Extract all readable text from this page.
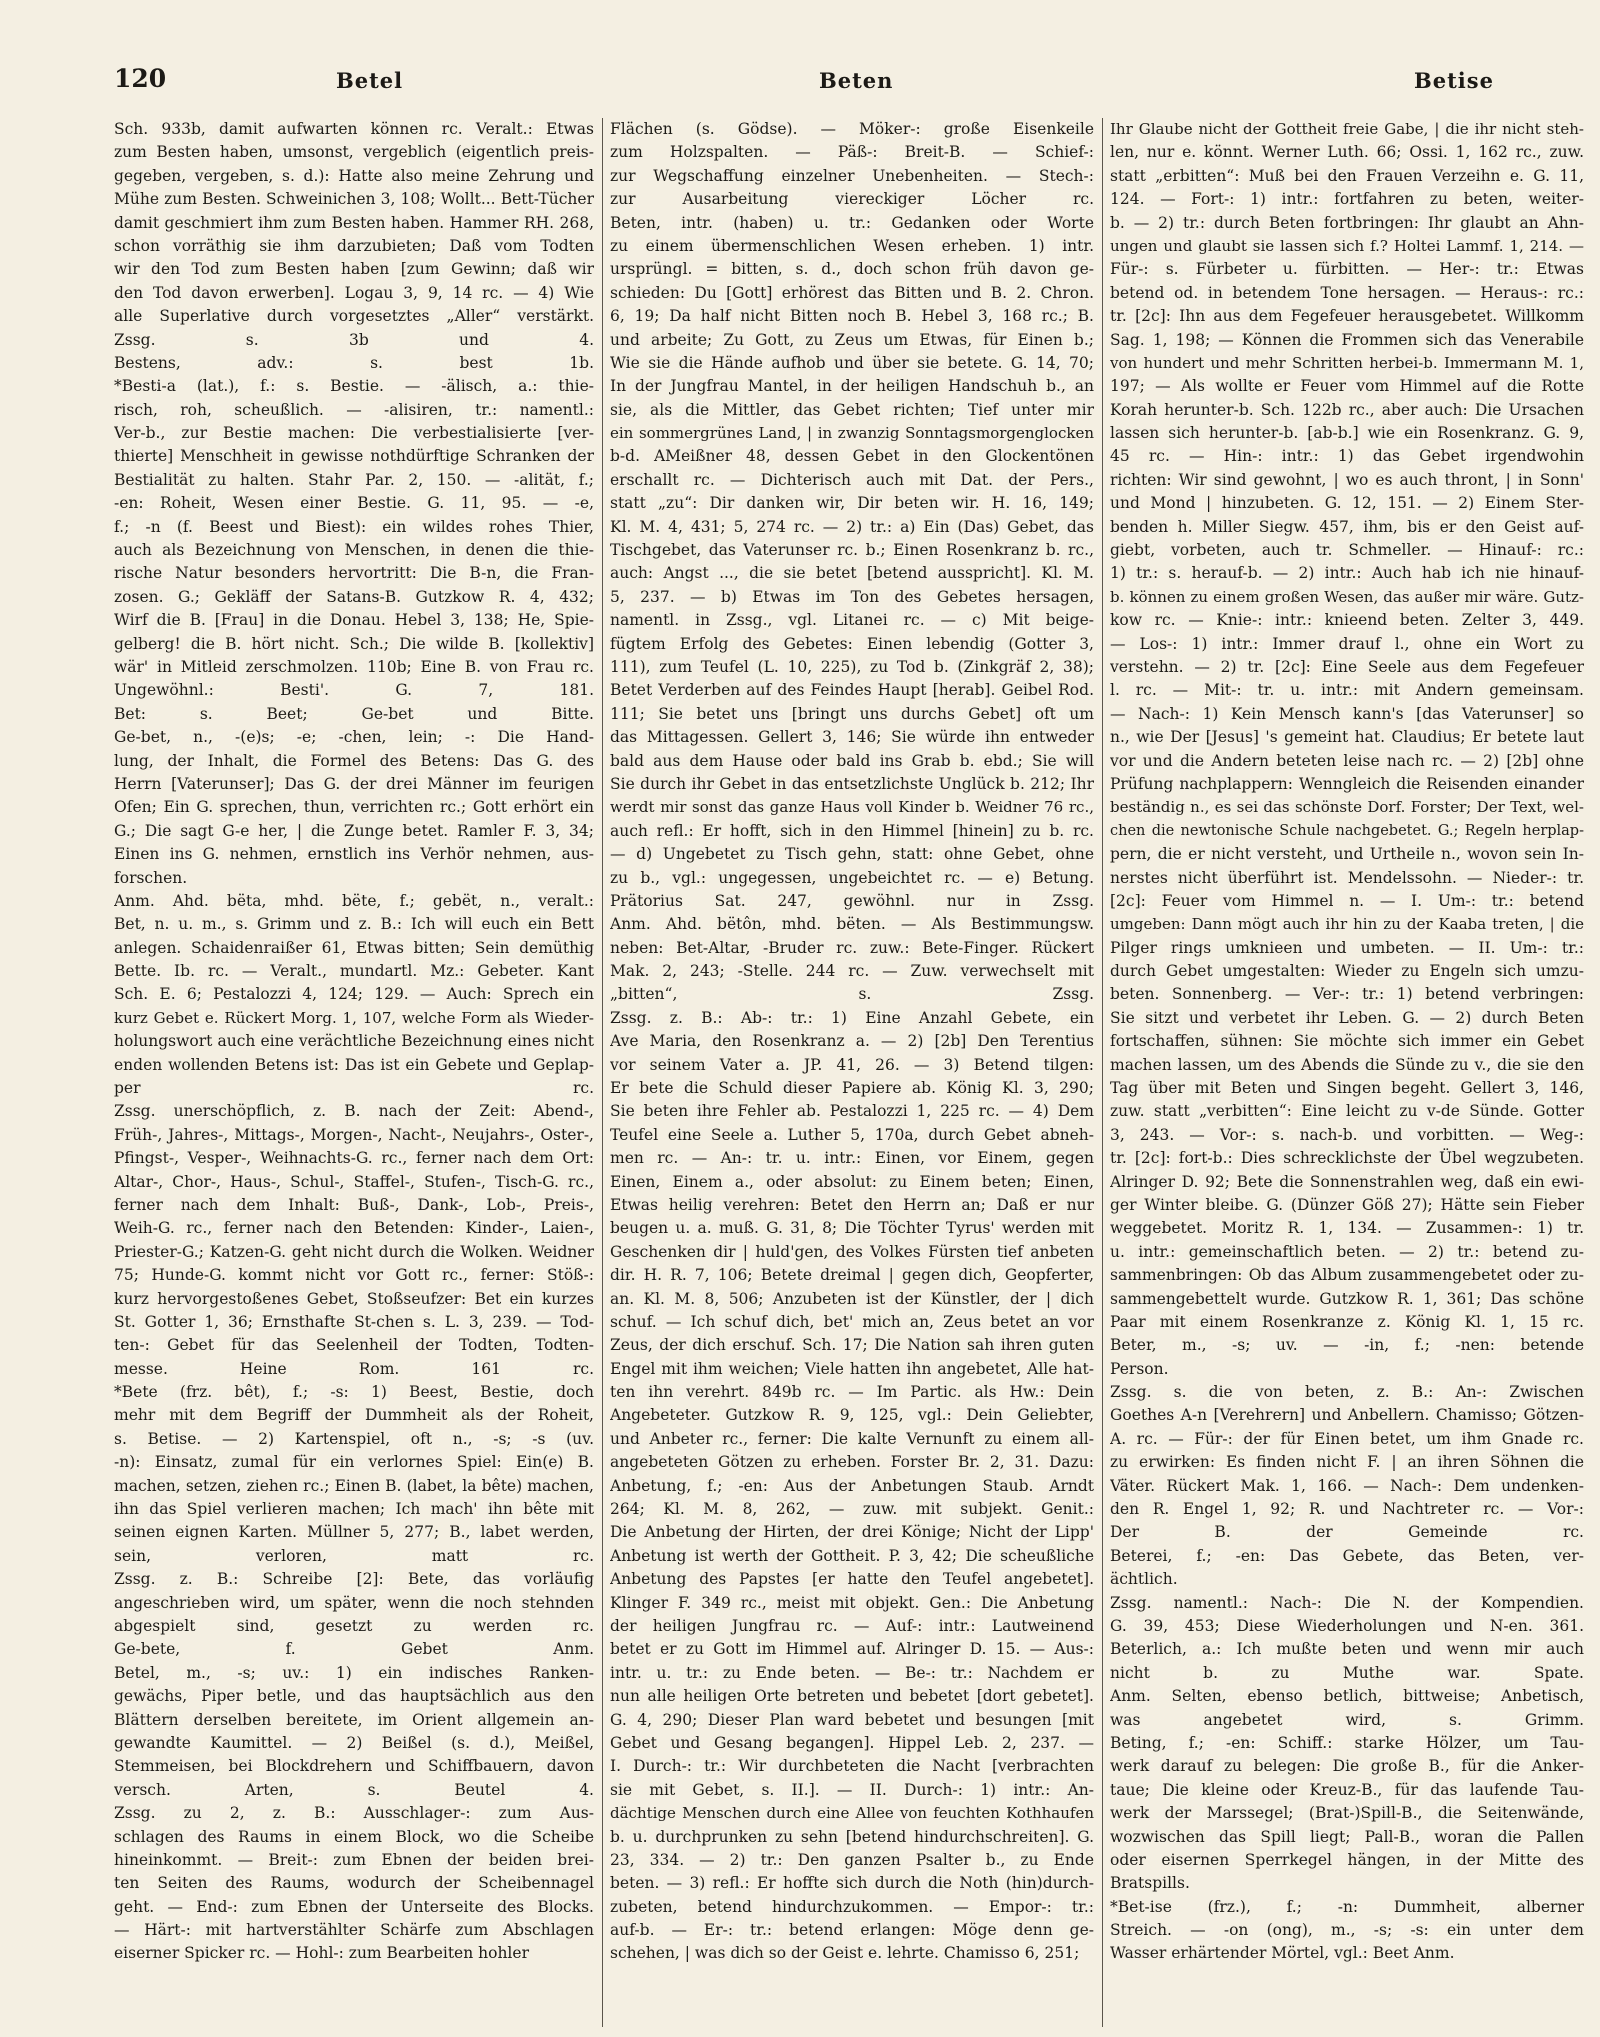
120	Betel	Beten	Betise
Sch. 933b, damit aufwarten können rc. Veralt.: Etwas
zum Besten haben, umsonst, vergeblich (eigentlich preis-
gegeben, vergeben, s. d.): Hatte also meine Zehrung und
Mühe zum Besten. Schweinichen 3, 108; Wollt... Bett-Tücher
damit geschmiert ihm zum Besten haben. Hammer RH. 268,
schon vorräthig sie ihm darzubieten; Daß vom Todten
wir den Tod zum Besten haben [zum Gewinn; daß wir
den Tod davon erwerben]. Logau 3, 9, 14 rc. — 4) Wie
alle Superlative durch vorgesetztes „Aller“ verstärkt.
Zssg. s. 3b und 4.
Bestens, adv.: s. best 1b.
*Besti-a (lat.), f.: s. Bestie. — -älisch, a.: thie-
risch, roh, scheußlich. — -alisiren, tr.: namentl.:
Ver-b., zur Bestie machen: Die verbestialisierte [ver-
thierte] Menschheit in gewisse nothdürftige Schranken der
Bestialität zu halten. Stahr Par. 2, 150. — -alität, f.;
-en: Roheit, Wesen einer Bestie. G. 11, 95. — -e,
f.; -n (f. Beest und Biest): ein wildes rohes Thier,
auch als Bezeichnung von Menschen, in denen die thie-
rische Natur besonders hervortritt: Die B-n, die Fran-
zosen. G.; Gekläff der Satans-B. Gutzkow R. 4, 432;
Wirf die B. [Frau] in die Donau. Hebel 3, 138; He, Spie-
gelberg! die B. hört nicht. Sch.; Die wilde B. [kollektiv]
wär' in Mitleid zerschmolzen. 110b; Eine B. von Frau rc.
Ungewöhnl.: Besti'. G. 7, 181.
Bet: s. Beet; Ge-bet und Bitte.
Ge-bet, n., -(e)s; -e; -chen, lein; -: Die Hand-
lung, der Inhalt, die Formel des Betens: Das G. des
Herrn [Vaterunser]; Das G. der drei Männer im feurigen
Ofen; Ein G. sprechen, thun, verrichten rc.; Gott erhört ein
G.; Die sagt G-e her, | die Zunge betet. Ramler F. 3, 34;
Einen ins G. nehmen, ernstlich ins Verhör nehmen, aus-
forschen.
Anm. Ahd. bëta, mhd. bëte, f.; gebët, n., veralt.:
Bet, n. u. m., s. Grimm und z. B.: Ich will euch ein Bett
anlegen. Schaidenraißer 61, Etwas bitten; Sein demüthig
Bette. Ib. rc. — Veralt., mundartl. Mz.: Gebeter. Kant
Sch. E. 6; Pestalozzi 4, 124; 129. — Auch: Sprech ein
kurz Gebet e. Rückert Morg. 1, 107, welche Form als Wieder-
holungswort auch eine verächtliche Bezeichnung eines nicht
enden wollenden Betens ist: Das ist ein Gebete und Geplap-
per rc.
Zssg. unerschöpflich, z. B. nach der Zeit: Abend-,
Früh-, Jahres-, Mittags-, Morgen-, Nacht-, Neujahrs-, Oster-,
Pfingst-, Vesper-, Weihnachts-G. rc., ferner nach dem Ort:
Altar-, Chor-, Haus-, Schul-, Staffel-, Stufen-, Tisch-G. rc.,
ferner nach dem Inhalt: Buß-, Dank-, Lob-, Preis-,
Weih-G. rc., ferner nach den Betenden: Kinder-, Laien-,
Priester-G.; Katzen-G. geht nicht durch die Wolken. Weidner
75; Hunde-G. kommt nicht vor Gott rc., ferner: Stöß-:
kurz hervorgestoßenes Gebet, Stoßseufzer: Bet ein kurzes
St. Gotter 1, 36; Ernsthafte St-chen s. L. 3, 239. — Tod-
ten-: Gebet für das Seelenheil der Todten, Todten-
messe. Heine Rom. 161 rc.
*Bete (frz. bêt), f.; -s: 1) Beest, Bestie, doch
mehr mit dem Begriff der Dummheit als der Roheit,
s. Betise. — 2) Kartenspiel, oft n., -s; -s (uv.
-n): Einsatz, zumal für ein verlornes Spiel: Ein(e) B.
machen, setzen, ziehen rc.; Einen B. (labet, la bête) machen,
ihn das Spiel verlieren machen; Ich mach' ihn bête mit
seinen eignen Karten. Müllner 5, 277; B., labet werden,
sein, verloren, matt rc.
Zssg. z. B.: Schreibe [2]: Bete, das vorläufig
angeschrieben wird, um später, wenn die noch stehnden
abgespielt sind, gesetzt zu werden rc.
Ge-bete, f. Gebet Anm.
Betel, m., -s; uv.: 1) ein indisches Ranken-
gewächs, Piper betle, und das hauptsächlich aus den
Blättern derselben bereitete, im Orient allgemein an-
gewandte Kaumittel. — 2) Beißel (s. d.), Meißel,
Stemmeisen, bei Blockdrehern und Schiffbauern, davon
versch. Arten, s. Beutel 4.
Zssg. zu 2, z. B.: Ausschlager-: zum Aus-
schlagen des Raums in einem Block, wo die Scheibe
hineinkommt. — Breit-: zum Ebnen der beiden brei-
ten Seiten des Raums, wodurch der Scheibennagel
geht. — End-: zum Ebnen der Unterseite des Blocks.
— Härt-: mit hartverstählter Schärfe zum Abschlagen
eiserner Spicker rc. — Hohl-: zum Bearbeiten hohler
Flächen (s. Gödse). — Möker-: große Eisenkeile
zum Holzspalten. — Päß-: Breit-B. — Schief-:
zur Wegschaffung einzelner Unebenheiten. — Stech-:
zur Ausarbeitung viereckiger Löcher rc.
Beten, intr. (haben) u. tr.: Gedanken oder Worte
zu einem übermenschlichen Wesen erheben. 1) intr.
ursprüngl. = bitten, s. d., doch schon früh davon ge-
schieden: Du [Gott] erhörest das Bitten und B. 2. Chron.
6, 19; Da half nicht Bitten noch B. Hebel 3, 168 rc.; B.
und arbeite; Zu Gott, zu Zeus um Etwas, für Einen b.;
Wie sie die Hände aufhob und über sie betete. G. 14, 70;
In der Jungfrau Mantel, in der heiligen Handschuh b., an
sie, als die Mittler, das Gebet richten; Tief unter mir
ein sommergrünes Land, | in zwanzig Sonntagsmorgenglocken
b-d. AMeißner 48, dessen Gebet in den Glockentönen
erschallt rc. — Dichterisch auch mit Dat. der Pers.,
statt „zu“: Dir danken wir, Dir beten wir. H. 16, 149;
Kl. M. 4, 431; 5, 274 rc. — 2) tr.: a) Ein (Das) Gebet, das
Tischgebet, das Vaterunser rc. b.; Einen Rosenkranz b. rc.,
auch: Angst ..., die sie betet [betend ausspricht]. Kl. M.
5, 237. — b) Etwas im Ton des Gebetes hersagen,
namentl. in Zssg., vgl. Litanei rc. — c) Mit beige-
fügtem Erfolg des Gebetes: Einen lebendig (Gotter 3,
111), zum Teufel (L. 10, 225), zu Tod b. (Zinkgräf 2, 38);
Betet Verderben auf des Feindes Haupt [herab]. Geibel Rod.
111; Sie betet uns [bringt uns durchs Gebet] oft um
das Mittagessen. Gellert 3, 146; Sie würde ihn entweder
bald aus dem Hause oder bald ins Grab b. ebd.; Sie will
Sie durch ihr Gebet in das entsetzlichste Unglück b. 212; Ihr
werdt mir sonst das ganze Haus voll Kinder b. Weidner 76 rc.,
auch refl.: Er hofft, sich in den Himmel [hinein] zu b. rc.
— d) Ungebetet zu Tisch gehn, statt: ohne Gebet, ohne
zu b., vgl.: ungegessen, ungebeichtet rc. — e) Betung.
Prätorius Sat. 247, gewöhnl. nur in Zssg.
Anm. Ahd. bëtôn, mhd. bëten. — Als Bestimmungsw.
neben: Bet-Altar, -Bruder rc. zuw.: Bete-Finger. Rückert
Mak. 2, 243; -Stelle. 244 rc. — Zuw. verwechselt mit
„bitten“, s. Zssg.
Zssg. z. B.: Ab-: tr.: 1) Eine Anzahl Gebete, ein
Ave Maria, den Rosenkranz a. — 2) [2b] Den Terentius
vor seinem Vater a. JP. 41, 26. — 3) Betend tilgen:
Er bete die Schuld dieser Papiere ab. König Kl. 3, 290;
Sie beten ihre Fehler ab. Pestalozzi 1, 225 rc. — 4) Dem
Teufel eine Seele a. Luther 5, 170a, durch Gebet abneh-
men rc. — An-: tr. u. intr.: Einen, vor Einem, gegen
Einen, Einem a., oder absolut: zu Einem beten; Einen,
Etwas heilig verehren: Betet den Herrn an; Daß er nur
beugen u. a. muß. G. 31, 8; Die Töchter Tyrus' werden mit
Geschenken dir | huld'gen, des Volkes Fürsten tief anbeten
dir. H. R. 7, 106; Betete dreimal | gegen dich, Geopferter,
an. Kl. M. 8, 506; Anzubeten ist der Künstler, der | dich
schuf. — Ich schuf dich, bet' mich an, Zeus betet an vor
Zeus, der dich erschuf. Sch. 17; Die Nation sah ihren guten
Engel mit ihm weichen; Viele hatten ihn angebetet, Alle hat-
ten ihn verehrt. 849b rc. — Im Partic. als Hw.: Dein
Angebeteter. Gutzkow R. 9, 125, vgl.: Dein Geliebter,
und Anbeter rc., ferner: Die kalte Vernunft zu einem all-
angebeteten Götzen zu erheben. Forster Br. 2, 31. Dazu:
Anbetung, f.; -en: Aus der Anbetungen Staub. Arndt
264; Kl. M. 8, 262, — zuw. mit subjekt. Genit.:
Die Anbetung der Hirten, der drei Könige; Nicht der Lipp'
Anbetung ist werth der Gottheit. P. 3, 42; Die scheußliche
Anbetung des Papstes [er hatte den Teufel angebetet].
Klinger F. 349 rc., meist mit objekt. Gen.: Die Anbetung
der heiligen Jungfrau rc. — Auf-: intr.: Lautweinend
betet er zu Gott im Himmel auf. Alringer D. 15. — Aus-:
intr. u. tr.: zu Ende beten. — Be-: tr.: Nachdem er
nun alle heiligen Orte betreten und bebetet [dort gebetet].
G. 4, 290; Dieser Plan ward bebetet und besungen [mit
Gebet und Gesang begangen]. Hippel Leb. 2, 237. —
I. Durch-: tr.: Wir durchbeteten die Nacht [verbrachten
sie mit Gebet, s. II.]. — II. Durch-: 1) intr.: An-
dächtige Menschen durch eine Allee von feuchten Kothhaufen
b. u. durchprunken zu sehn [betend hindurchschreiten]. G.
23, 334. — 2) tr.: Den ganzen Psalter b., zu Ende
beten. — 3) refl.: Er hoffte sich durch die Noth (hin)durch-
zubeten, betend hindurchzukommen. — Empor-: tr.:
auf-b. — Er-: tr.: betend erlangen: Möge denn ge-
schehen, | was dich so der Geist e. lehrte. Chamisso 6, 251;
Ihr Glaube nicht der Gottheit freie Gabe, | die ihr nicht steh-
len, nur e. könnt. Werner Luth. 66; Ossi. 1, 162 rc., zuw.
statt „erbitten“: Muß bei den Frauen Verzeihn e. G. 11,
124. — Fort-: 1) intr.: fortfahren zu beten, weiter-
b. — 2) tr.: durch Beten fortbringen: Ihr glaubt an Ahn-
ungen und glaubt sie lassen sich f.? Holtei Lammf. 1, 214. —
Für-: s. Fürbeter u. fürbitten. — Her-: tr.: Etwas
betend od. in betendem Tone hersagen. — Heraus-: rc.:
tr. [2c]: Ihn aus dem Fegefeuer herausgebetet. Willkomm
Sag. 1, 198; — Können die Frommen sich das Venerabile
von hundert und mehr Schritten herbei-b. Immermann M. 1,
197; — Als wollte er Feuer vom Himmel auf die Rotte
Korah herunter-b. Sch. 122b rc., aber auch: Die Ursachen
lassen sich herunter-b. [ab-b.] wie ein Rosenkranz. G. 9,
45 rc. — Hin-: intr.: 1) das Gebet irgendwohin
richten: Wir sind gewohnt, | wo es auch thront, | in Sonn'
und Mond | hinzubeten. G. 12, 151. — 2) Einem Ster-
benden h. Miller Siegw. 457, ihm, bis er den Geist auf-
giebt, vorbeten, auch tr. Schmeller. — Hinauf-: rc.:
1) tr.: s. herauf-b. — 2) intr.: Auch hab ich nie hinauf-
b. können zu einem großen Wesen, das außer mir wäre. Gutz-
kow rc. — Knie-: intr.: knieend beten. Zelter 3, 449.
— Los-: 1) intr.: Immer drauf l., ohne ein Wort zu
verstehn. — 2) tr. [2c]: Eine Seele aus dem Fegefeuer
l. rc. — Mit-: tr. u. intr.: mit Andern gemeinsam.
— Nach-: 1) Kein Mensch kann's [das Vaterunser] so
n., wie Der [Jesus] 's gemeint hat. Claudius; Er betete laut
vor und die Andern beteten leise nach rc. — 2) [2b] ohne
Prüfung nachplappern: Wenngleich die Reisenden einander
beständig n., es sei das schönste Dorf. Forster; Der Text, wel-
chen die newtonische Schule nachgebetet. G.; Regeln herplap-
pern, die er nicht versteht, und Urtheile n., wovon sein In-
nerstes nicht überführt ist. Mendelssohn. — Nieder-: tr.
[2c]: Feuer vom Himmel n. — I. Um-: tr.: betend
umgeben: Dann mögt auch ihr hin zu der Kaaba treten, | die
Pilger rings umknieen und umbeten. — II. Um-: tr.:
durch Gebet umgestalten: Wieder zu Engeln sich umzu-
beten. Sonnenberg. — Ver-: tr.: 1) betend verbringen:
Sie sitzt und verbetet ihr Leben. G. — 2) durch Beten
fortschaffen, sühnen: Sie möchte sich immer ein Gebet
machen lassen, um des Abends die Sünde zu v., die sie den
Tag über mit Beten und Singen begeht. Gellert 3, 146,
zuw. statt „verbitten“: Eine leicht zu v-de Sünde. Gotter
3, 243. — Vor-: s. nach-b. und vorbitten. — Weg-:
tr. [2c]: fort-b.: Dies schrecklichste der Übel wegzubeten.
Alringer D. 92; Bete die Sonnenstrahlen weg, daß ein ewi-
ger Winter bleibe. G. (Dünzer Göß 27); Hätte sein Fieber
weggebetet. Moritz R. 1, 134. — Zusammen-: 1) tr.
u. intr.: gemeinschaftlich beten. — 2) tr.: betend zu-
sammenbringen: Ob das Album zusammengebetet oder zu-
sammengebettelt wurde. Gutzkow R. 1, 361; Das schöne
Paar mit einem Rosenkranze z. König Kl. 1, 15 rc.
Beter, m., -s; uv. — -in, f.; -nen: betende
Person.
Zssg. s. die von beten, z. B.: An-: Zwischen
Goethes A-n [Verehrern] und Anbellern. Chamisso; Götzen-
A. rc. — Für-: der für Einen betet, um ihm Gnade rc.
zu erwirken: Es finden nicht F. | an ihren Söhnen die
Väter. Rückert Mak. 1, 166. — Nach-: Dem undenken-
den R. Engel 1, 92; R. und Nachtreter rc. — Vor-:
Der B. der Gemeinde rc.
Beterei, f.; -en: Das Gebete, das Beten, ver-
ächtlich.
Zssg. namentl.: Nach-: Die N. der Kompendien.
G. 39, 453; Diese Wiederholungen und N-en. 361.
Beterlich, a.: Ich mußte beten und wenn mir auch
nicht b. zu Muthe war. Spate.
Anm. Selten, ebenso betlich, bittweise; Anbetisch,
was angebetet wird, s. Grimm.
Beting, f.; -en: Schiff.: starke Hölzer, um Tau-
werk darauf zu belegen: Die große B., für die Anker-
taue; Die kleine oder Kreuz-B., für das laufende Tau-
werk der Marssegel; (Brat-)Spill-B., die Seitenwände,
wozwischen das Spill liegt; Pall-B., woran die Pallen
oder eisernen Sperrkegel hängen, in der Mitte des
Bratspills.
*Bet-ise (frz.), f.; -n: Dummheit, alberner
Streich. — -on (ong), m., -s; -s: ein unter dem
Wasser erhärtender Mörtel, vgl.: Beet Anm.
